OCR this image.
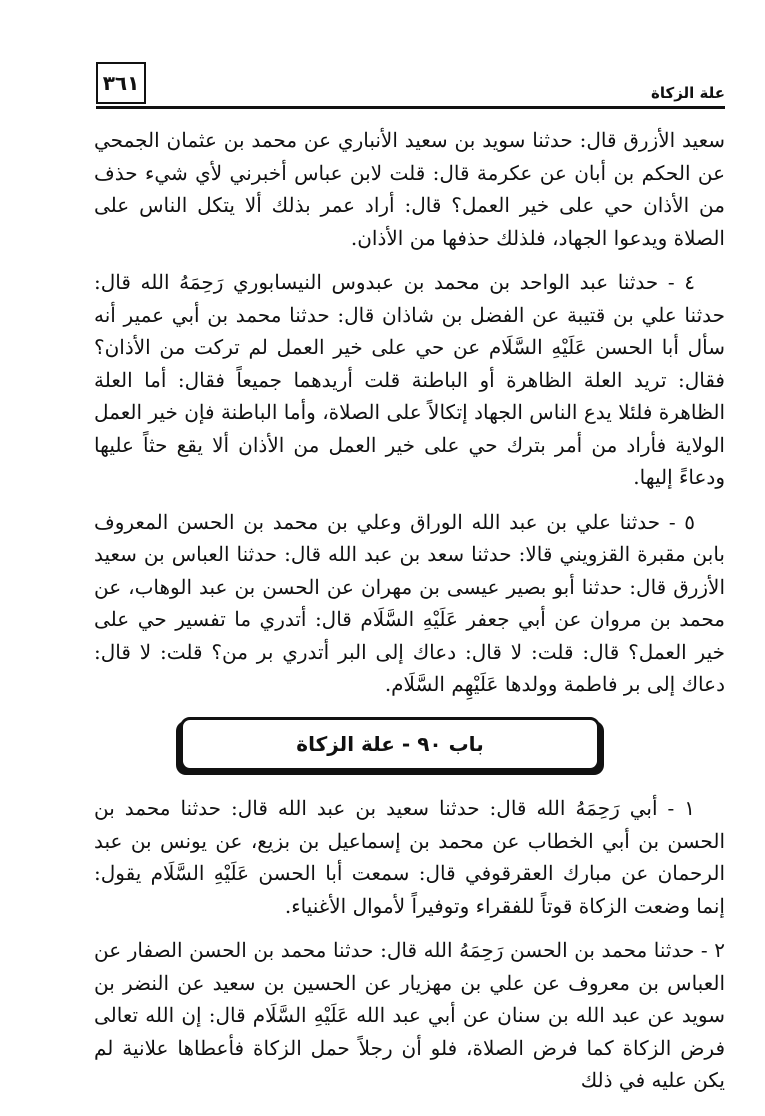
علة الزكاة
٣٦١

سعيد الأزرق قال: حدثنا سويد بن سعيد الأنباري عن محمد بن عثمان الجمحي عن الحكم بن أبان عن عكرمة قال: قلت لابن عباس أخبرني لأي شيء حذف من الأذان حي على خير العمل؟ قال: أراد عمر بذلك ألا يتكل الناس على الصلاة ويدعوا الجهاد، فلذلك حذفها من الأذان.

٤ - حدثنا عبد الواحد بن محمد بن عبدوس النيسابوري رَحِمَهُ الله قال: حدثنا علي بن قتيبة عن الفضل بن شاذان قال: حدثنا محمد بن أبي عمير أنه سأل أبا الحسن عَلَيْهِ السَّلَام عن حي على خير العمل لم تركت من الأذان؟ فقال: تريد العلة الظاهرة أو الباطنة قلت أريدهما جميعاً فقال: أما العلة الظاهرة فلئلا يدع الناس الجهاد إتكالاً على الصلاة، وأما الباطنة فإن خير العمل الولاية فأراد من أمر بترك حي على خير العمل من الأذان ألا يقع حثاً عليها ودعاءً إليها.

٥ - حدثنا علي بن عبد الله الوراق وعلي بن محمد بن الحسن المعروف بابن مقبرة القزويني قالا: حدثنا سعد بن عبد الله قال: حدثنا العباس بن سعيد الأزرق قال: حدثنا أبو بصير عيسى بن مهران عن الحسن بن عبد الوهاب، عن محمد بن مروان عن أبي جعفر عَلَيْهِ السَّلَام قال: أتدري ما تفسير حي على خير العمل؟ قال: قلت: لا قال: دعاك إلى البر أتدري بر من؟ قلت: لا قال: دعاك إلى بر فاطمة وولدها عَلَيْهِم السَّلَام.

باب ٩٠ - علة الزكاة

١ - أبي رَحِمَهُ الله قال: حدثنا سعيد بن عبد الله قال: حدثنا محمد بن الحسن بن أبي الخطاب عن محمد بن إسماعيل بن بزيع، عن يونس بن عبد الرحمان عن مبارك العقرقوفي قال: سمعت أبا الحسن عَلَيْهِ السَّلَام يقول: إنما وضعت الزكاة قوتاً للفقراء وتوفيراً لأموال الأغنياء.

٢ - حدثنا محمد بن الحسن رَحِمَهُ الله قال: حدثنا محمد بن الحسن الصفار عن العباس بن معروف عن علي بن مهزيار عن الحسين بن سعيد عن النضر بن سويد عن عبد الله بن سنان عن أبي عبد الله عَلَيْهِ السَّلَام قال: إن الله تعالى فرض الزكاة كما فرض الصلاة، فلو أن رجلاً حمل الزكاة فأعطاها علانية لم يكن عليه في ذلك
